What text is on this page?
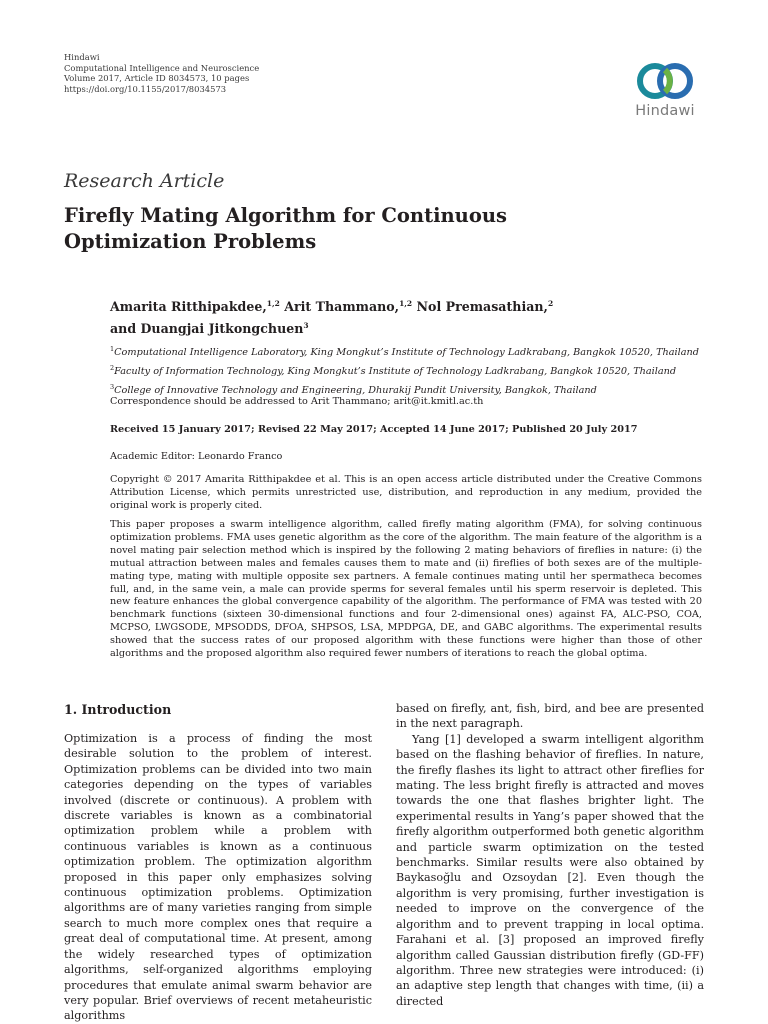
Hindawi
Computational Intelligence and Neuroscience
Volume 2017, Article ID 8034573, 10 pages
https://doi.org/10.1155/2017/8034573
Hindawi
Research Article
Firefly Mating Algorithm for Continuous Optimization Problems
Amarita Ritthipakdee,$^{1,2}$ Arit Thammano,$^{1,2}$ Nol Premasathian,$^2$
and Duangjai Jitkongchuen$^3$
$^1$Computational Intelligence Laboratory, King Mongkut’s Institute of Technology Ladkrabang, Bangkok 10520, Thailand
$^2$Faculty of Information Technology, King Mongkut’s Institute of Technology Ladkrabang, Bangkok 10520, Thailand
$^3$College of Innovative Technology and Engineering, Dhurakij Pundit University, Bangkok, Thailand
Correspondence should be addressed to Arit Thammano; arit@it.kmitl.ac.th
Received 15 January 2017; Revised 22 May 2017; Accepted 14 June 2017; Published 20 July 2017
Academic Editor: Leonardo Franco
Copyright © 2017 Amarita Ritthipakdee et al. This is an open access article distributed under the Creative Commons Attribution License, which permits unrestricted use, distribution, and reproduction in any medium, provided the original work is properly cited.
This paper proposes a swarm intelligence algorithm, called firefly mating algorithm (FMA), for solving continuous optimization problems. FMA uses genetic algorithm as the core of the algorithm. The main feature of the algorithm is a novel mating pair selection method which is inspired by the following 2 mating behaviors of fireflies in nature: (i) the mutual attraction between males and females causes them to mate and (ii) fireflies of both sexes are of the multiple-mating type, mating with multiple opposite sex partners. A female continues mating until her spermatheca becomes full, and, in the same vein, a male can provide sperms for several females until his sperm reservoir is depleted. This new feature enhances the global convergence capability of the algorithm. The performance of FMA was tested with 20 benchmark functions (sixteen 30-dimensional functions and four 2-dimensional ones) against FA, ALC-PSO, COA, MCPSO, LWGSODE, MPSODDS, DFOA, SHPSOS, LSA, MPDPGA, DE, and GABC algorithms. The experimental results showed that the success rates of our proposed algorithm with these functions were higher than those of other algorithms and the proposed algorithm also required fewer numbers of iterations to reach the global optima.
1. Introduction

Optimization is a process of finding the most desirable solution to the problem of interest. Optimization problems can be divided into two main categories depending on the types of variables involved (discrete or continuous). A problem with discrete variables is known as a combinatorial optimization problem while a problem with continuous variables is known as a continuous optimization problem. The optimization algorithm proposed in this paper only emphasizes solving continuous optimization problems. Optimization algorithms are of many varieties ranging from simple search to much more complex ones that require a great deal of computational time. At present, among the widely researched types of optimization algorithms, self-organized algorithms employing procedures that emulate animal swarm behavior are very popular. Brief overviews of recent metaheuristic algorithms

based on firefly, ant, fish, bird, and bee are presented in the next paragraph.

Yang [1] developed a swarm intelligent algorithm based on the flashing behavior of fireflies. In nature, the firefly flashes its light to attract other fireflies for mating. The less bright firefly is attracted and moves towards the one that flashes brighter light. The experimental results in Yang’s paper showed that the firefly algorithm outperformed both genetic algorithm and particle swarm optimization on the tested benchmarks. Similar results were also obtained by Baykasoğlu and Ozsoydan [2]. Even though the algorithm is very promising, further investigation is needed to improve on the convergence of the algorithm and to prevent trapping in local optima. Farahani et al. [3] proposed an improved firefly algorithm called Gaussian distribution firefly (GD-FF) algorithm. Three new strategies were introduced: (i) an adaptive step length that changes with time, (ii) a directed
